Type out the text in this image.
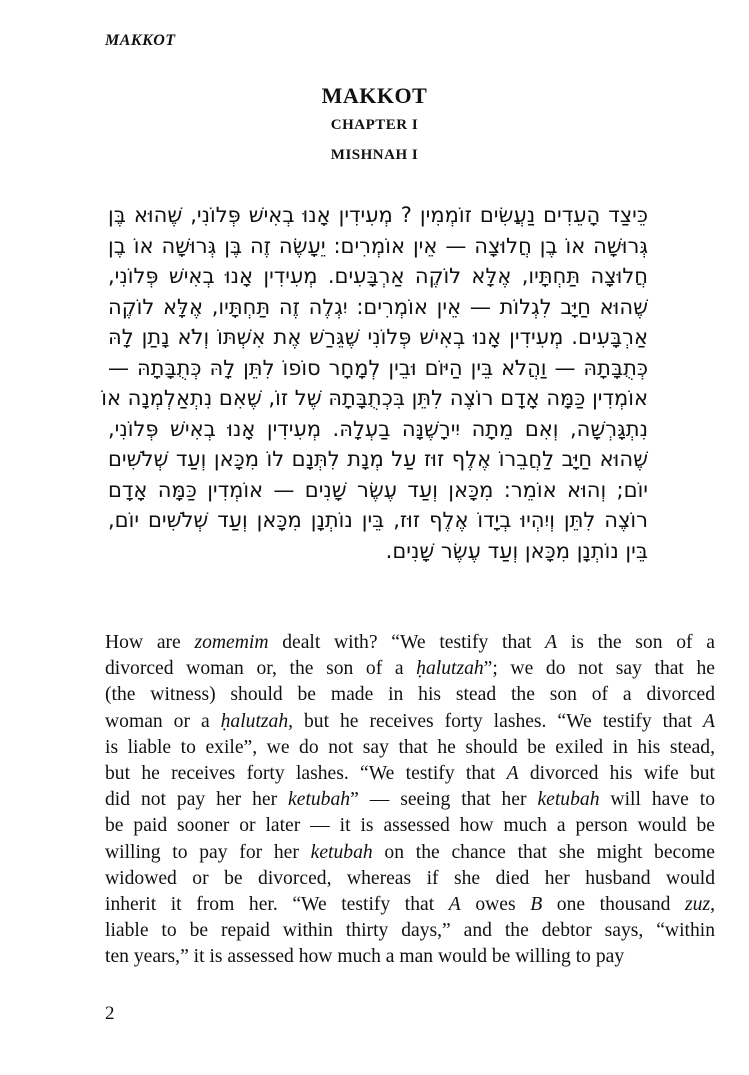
MAKKOT
MAKKOT
CHAPTER I
MISHNAH I
כֵּיצַד הָעֵדִים נַעֲשִׂים זוֹמְמִין ? מְעִידִין אָנוּ בְאִישׁ פְּלוֹנִי, שֶׁהוּא בֶּן
גְּרוּשָׁה אוֹ בֶן חֲלוּצָה — אֵין אוֹמְרִים: יֵעָשֶׂה זֶה בֶּן גְּרוּשָׁה אוֹ בֶן
חֲלוּצָה תַּחְתָּיו, אֶלָּא לוֹקֶה אַרְבָּעִים. מְעִידִין אָנוּ בְאִישׁ פְּלוֹנִי,
שֶׁהוּא חַיָּב לִגְלוֹת — אֵין אוֹמְרִים: יִגְלֶה זֶה תַּחְתָּיו, אֶלָּא לוֹקֶה
אַרְבָּעִים. מְעִידִין אָנוּ בְאִישׁ פְּלוֹנִי שֶׁגֵּרַשׁ אֶת אִשְׁתּוֹ וְלֹא נָתַן לָהּ
כְּתֻבָּתָהּ — וַהֲלֹא בֵּין הַיּוֹם וּבֵין לְמָחָר סוֹפוֹ לִתֵּן לָהּ כְּתֻבָּתָהּ —
אוֹמְדִין כַּמָּה אָדָם רוֹצֶה לִתֵּן בִּכְתֻבָּתָהּ שֶׁל זוֹ, שֶׁאִם נִתְאַלְמְנָה אוֹ
נִתְגָּרְשָׁה, וְאִם מֵתָה יִירָשֶׁנָּה בַעְלָהּ. מְעִידִין אָנוּ בְאִישׁ פְּלוֹנִי,
שֶׁהוּא חַיָּב לַחֲבֵרוֹ אֶלֶף זוּז עַל מְנָת לִתְּנָם לוֹ מִכָּאן וְעַד שְׁלֹשִׁים
יוֹם; וְהוּא אוֹמֵר: מִכָּאן וְעַד עֶשֶׂר שָׁנִים — אוֹמְדִין כַּמָּה אָדָם
רוֹצֶה לִתֵּן וְיִהְיוּ בְיָדוֹ אֶלֶף זוּז, בֵּין נוֹתְנָן מִכָּאן וְעַד שְׁלֹשִׁים יוֹם,
בֵּין נוֹתְנָן מִכָּאן וְעַד עֶשֶׂר שָׁנִים.
How are zomemim dealt with? “We testify that A is the son of a
divorced woman or, the son of a ḥalutzah”; we do not say that he
(the witness) should be made in his stead the son of a divorced
woman or a ḥalutzah, but he receives forty lashes. “We testify that A
is liable to exile”, we do not say that he should be exiled in his stead,
but he receives forty lashes. “We testify that A divorced his wife but
did not pay her her ketubah” — seeing that her ketubah will have to
be paid sooner or later — it is assessed how much a person would be
willing to pay for her ketubah on the chance that she might become
widowed or be divorced, whereas if she died her husband would
inherit it from her. “We testify that A owes B one thousand zuz,
liable to be repaid within thirty days,” and the debtor says, “within
ten years,” it is assessed how much a man would be willing to pay
2
